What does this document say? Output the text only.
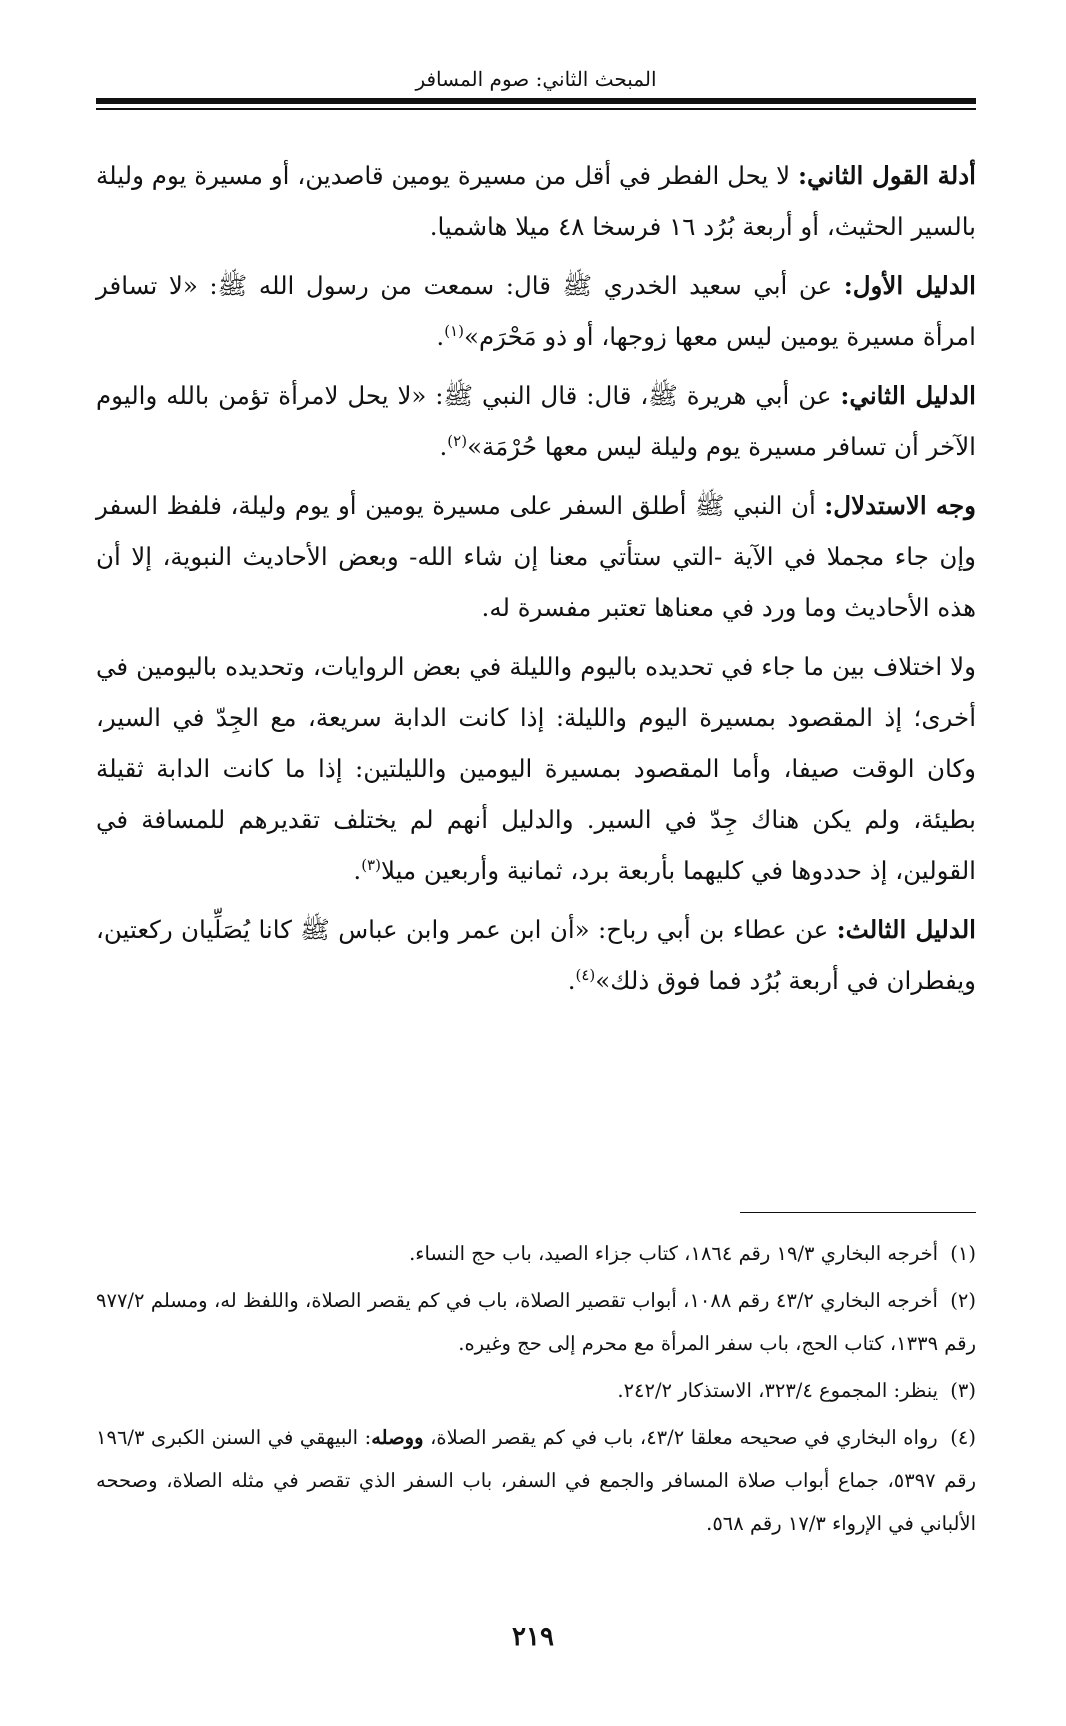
المبحث الثاني: صوم المسافر

أدلة القول الثاني: لا يحل الفطر في أقل من مسيرة يومين قاصدين، أو مسيرة يوم وليلة بالسير الحثيث، أو أربعة بُرُد ١٦ فرسخا ٤٨ ميلا هاشميا.

الدليل الأول: عن أبي سعيد الخدري ﷺ قال: سمعت من رسول الله ﷺ: «لا تسافر امرأة مسيرة يومين ليس معها زوجها، أو ذو مَحْرَم»$^{(١)}$.

الدليل الثاني: عن أبي هريرة ﷺ، قال: قال النبي ﷺ: «لا يحل لامرأة تؤمن بالله واليوم الآخر أن تسافر مسيرة يوم وليلة ليس معها حُرْمَة»$^{(٢)}$.

وجه الاستدلال: أن النبي ﷺ أطلق السفر على مسيرة يومين أو يوم وليلة، فلفظ السفر وإن جاء مجملا في الآية -التي ستأتي معنا إن شاء الله- وبعض الأحاديث النبوية، إلا أن هذه الأحاديث وما ورد في معناها تعتبر مفسرة له.

ولا اختلاف بين ما جاء في تحديده باليوم والليلة في بعض الروايات، وتحديده باليومين في أخرى؛ إذ المقصود بمسيرة اليوم والليلة: إذا كانت الدابة سريعة، مع الجِدّ في السير، وكان الوقت صيفا، وأما المقصود بمسيرة اليومين والليلتين: إذا ما كانت الدابة ثقيلة بطيئة، ولم يكن هناك جِدّ في السير. والدليل أنهم لم يختلف تقديرهم للمسافة في القولين، إذ حددوها في كليهما بأربعة برد، ثمانية وأربعين ميلا$^{(٣)}$.

الدليل الثالث: عن عطاء بن أبي رباح: «أن ابن عمر وابن عباس ﷺ كانا يُصَلِّيان ركعتين، ويفطران في أربعة بُرُد فما فوق ذلك»$^{(٤)}$.

(١) أخرجه البخاري ١٩/٣ رقم ١٨٦٤، كتاب جزاء الصيد، باب حج النساء.

(٢) أخرجه البخاري ٤٣/٢ رقم ١٠٨٨، أبواب تقصير الصلاة، باب في كم يقصر الصلاة، واللفظ له، ومسلم ٩٧٧/٢ رقم ١٣٣٩، كتاب الحج، باب سفر المرأة مع محرم إلى حج وغيره.

(٣) ينظر: المجموع ٣٢٣/٤، الاستذكار ٢٤٢/٢.

(٤) رواه البخاري في صحيحه معلقا ٤٣/٢، باب في كم يقصر الصلاة، ووصله: البيهقي في السنن الكبرى ١٩٦/٣ رقم ٥٣٩٧، جماع أبواب صلاة المسافر والجمع في السفر، باب السفر الذي تقصر في مثله الصلاة، وصححه الألباني في الإرواء ١٧/٣ رقم ٥٦٨.

٢١٩
